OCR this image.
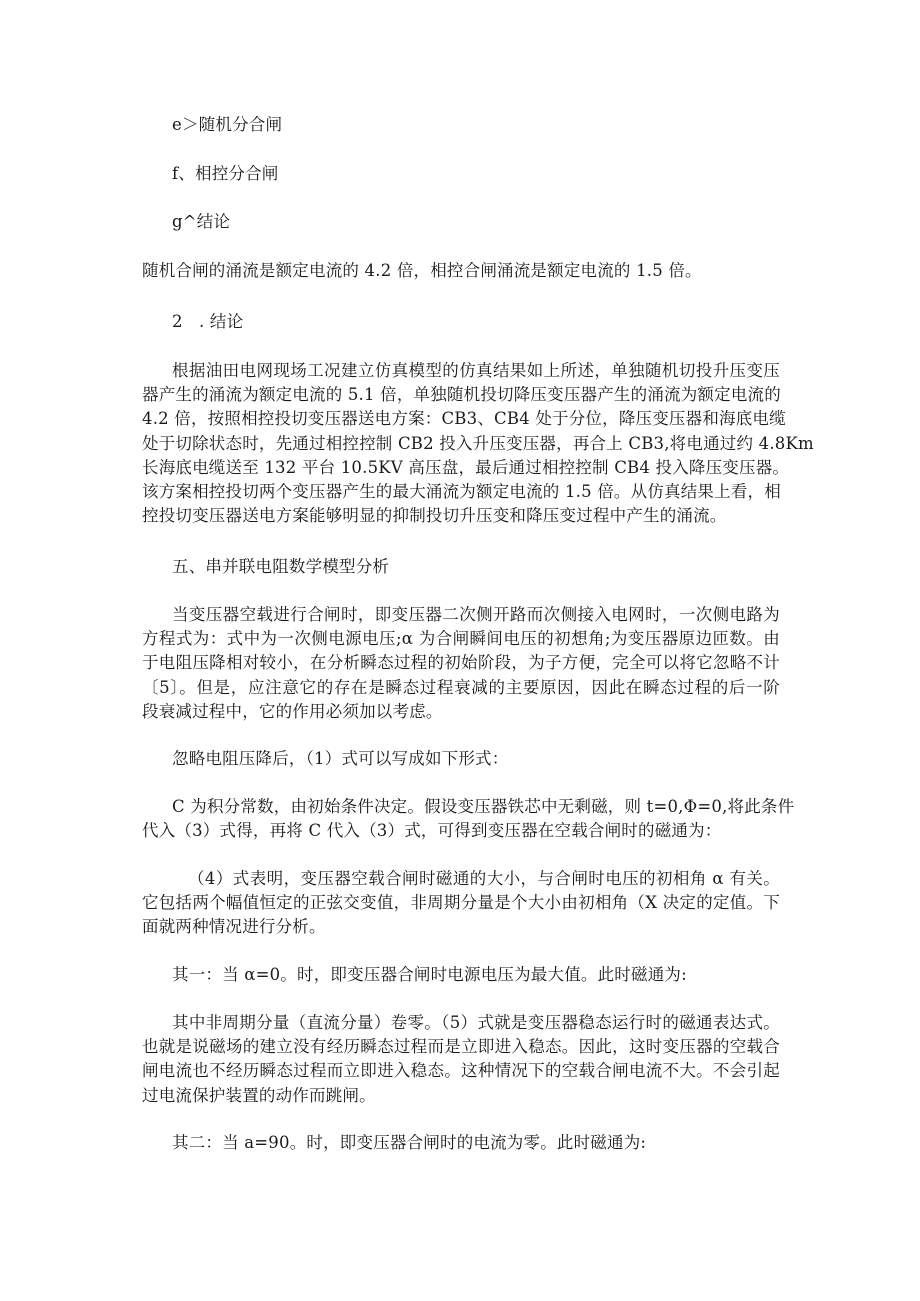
e＞随机分合闸
f、相控分合闸
g^结论
随机合闸的涌流是额定电流的 4.2 倍，相控合闸涌流是额定电流的 1.5 倍。
2   . 结论
根据油田电网现场工况建立仿真模型的仿真结果如上所述，单独随机切投升压变压
器产生的涌流为额定电流的 5.1 倍，单独随机投切降压变压器产生的涌流为额定电流的
4.2 倍，按照相控投切变压器送电方案：CB3、CB4 处于分位，降压变压器和海底电缆
处于切除状态时，先通过相控控制 CB2 投入升压变压器，再合上 CB3,将电通过约 4.8Km
长海底电缆送至 132 平台 10.5KV 高压盘，最后通过相控控制 CB4 投入降压变压器。
该方案相控投切两个变压器产生的最大涌流为额定电流的 1.5 倍。从仿真结果上看，相
控投切变压器送电方案能够明显的抑制投切升压变和降压变过程中产生的涌流。
五、串并联电阻数学模型分析
当变压器空载进行合闸时，即变压器二次侧开路而次侧接入电网时，一次侧电路为
方程式为：式中为一次侧电源电压;α 为合闸瞬间电压的初想角;为变压器原边匝数。由
于电阻压降相对较小，在分析瞬态过程的初始阶段，为子方便，完全可以将它忽略不计
〔5〕。但是，应注意它的存在是瞬态过程衰减的主要原因，因此在瞬态过程的后一阶
段衰减过程中，它的作用必须加以考虑。
忽略电阻压降后，（1）式可以写成如下形式：
C 为积分常数，由初始条件决定。假设变压器铁芯中无剩磁，则 t=0,Φ=0,将此条件
代入（3）式得，再将 C 代入（3）式，可得到变压器在空载合闸时的磁通为：
（4）式表明，变压器空载合闸时磁通的大小，与合闸时电压的初相角 α 有关。
它包括两个幅值恒定的正弦交变值，非周期分量是个大小由初相角（X 决定的定值。下
面就两种情况进行分析。
其一：当 α=0。时，即变压器合闸时电源电压为最大值。此时磁通为:
其中非周期分量（直流分量）卷零。（5）式就是变压器稳态运行时的磁通表达式。
也就是说磁场的建立没有经历瞬态过程而是立即进入稳态。因此，这时变压器的空载合
闸电流也不经历瞬态过程而立即进入稳态。这种情况下的空载合闸电流不大。不会引起
过电流保护装置的动作而跳闸。
其二：当 a=90。时，即变压器合闸时的电流为零。此时磁通为:
